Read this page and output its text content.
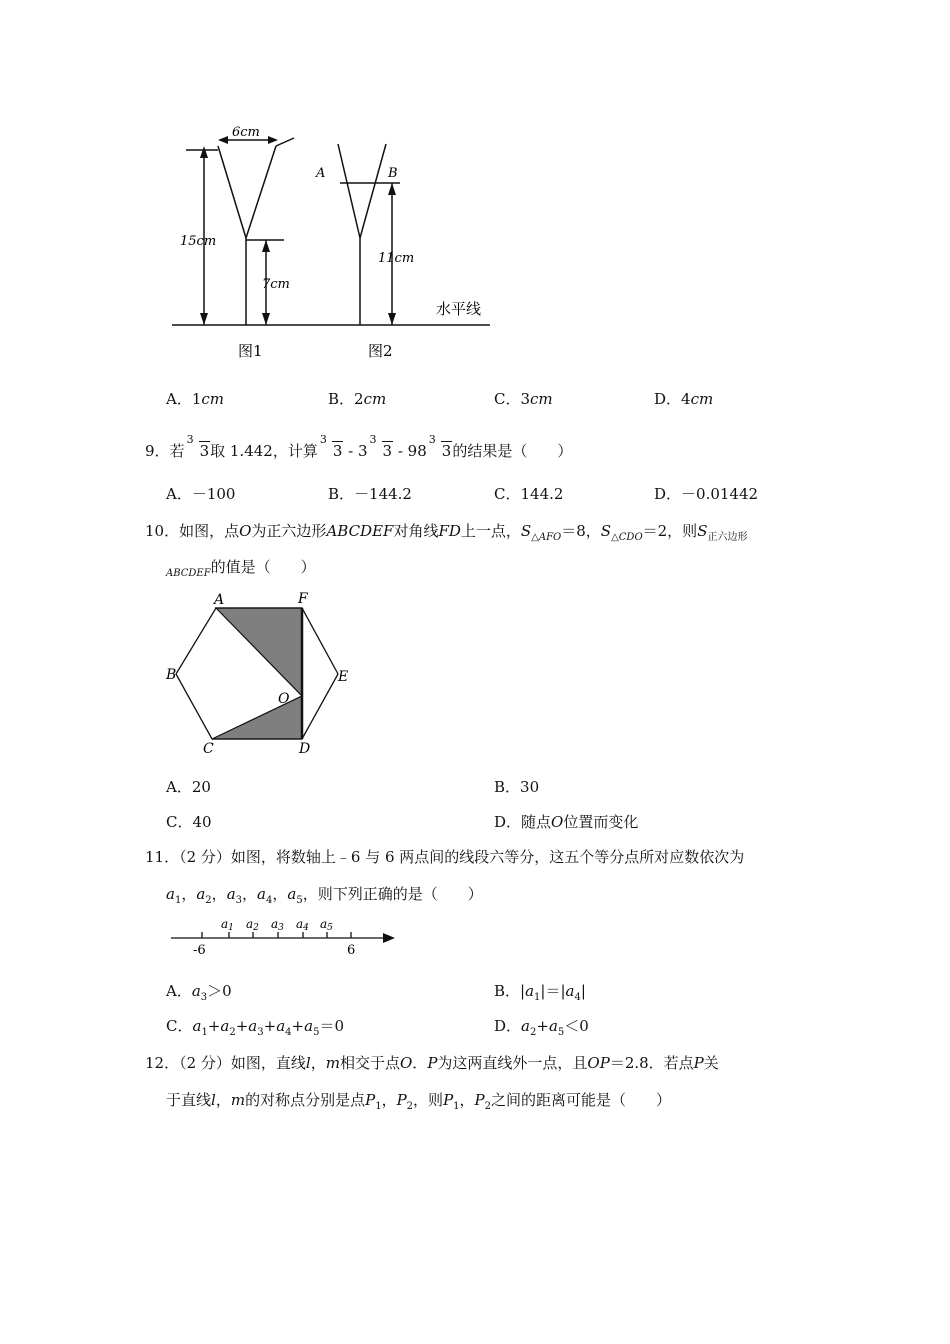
6cm
15cm
7cm
A	B
11cm
水平线
图1	图2
A．1cm	B．2cm	C．3cm	D．4cm
9．若
3
3取 1.442，计算
3
3 - 3
3
3 - 98
3
3的结果是（　　）
A．－100	B．－144.2	C．144.2	D．－0.01442
10．如图，点O为正六边形ABCDEF对角线FD上一点，$S_{\triangle AFO}=8$，$S_{\triangle CDO}=2$，则$S_{正六边形}$
$_{ABCDEF}$的值是（　　）
A	F
B	E
O
C	D
A．20	B．30
C．40	D．随点O位置而变化
11．（2 分）如图，将数轴上﹣6 与 6 两点间的线段六等分，这五个等分点所对应数依次为
$a_1$，$a_2$，$a_3$，$a_4$，$a_5$，则下列正确的是（　　）
-6	6
a1 a2 a3 a4 a5
A．$a_3>0$	B．$|a_1|=|a_4|$
C．$a_1+a_2+a_3+a_4+a_5=0$	D．$a_2+a_5<0$
12．（2 分）如图，直线l，m相交于点O．P为这两直线外一点，且OP＝2.8．若点P关
于直线l，m的对称点分别是点$P_1$，$P_2$，则$P_1$，$P_2$之间的距离可能是（　　）
